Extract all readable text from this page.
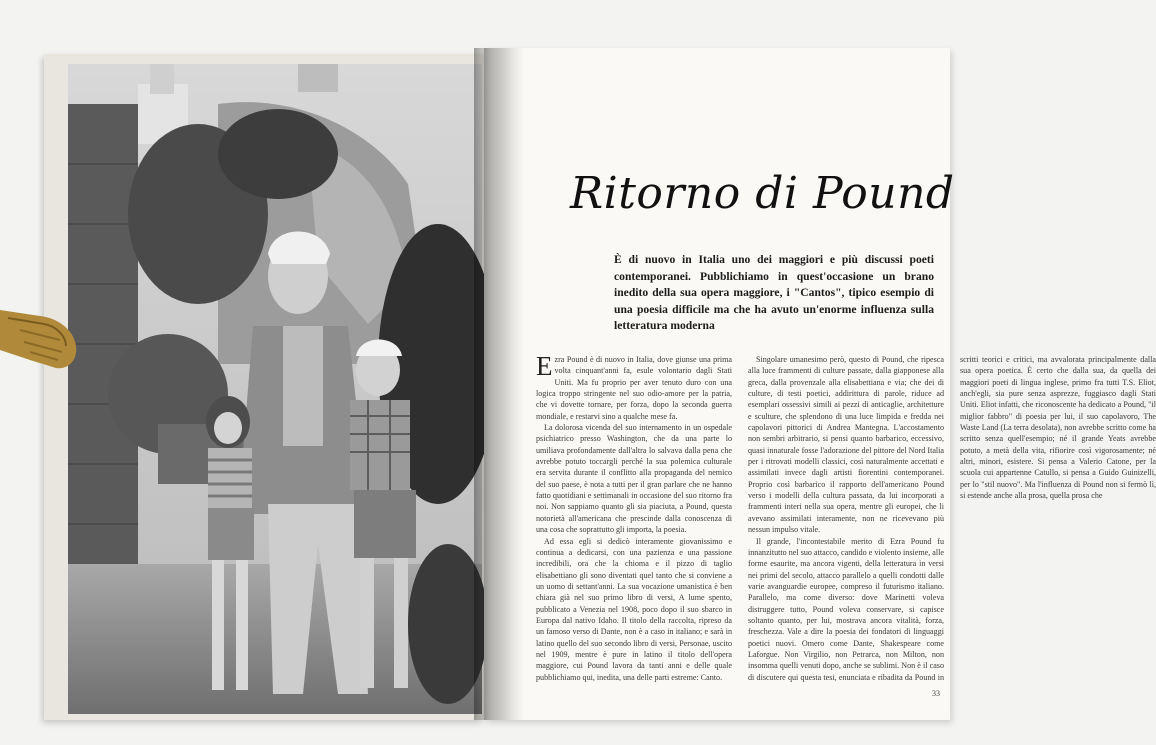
Ritorno di Pound

È di nuovo in Italia uno dei maggiori e più discussi poeti contemporanei. Pubblichiamo in quest'occasione un brano inedito della sua opera maggiore, i "Cantos", tipico esempio di una poesia difficile ma che ha avuto un'enorme influenza sulla letteratura moderna

Ezra Pound è di nuovo in Italia, dove giunse una prima volta cinquant'anni fa, esule volontario dagli Stati Uniti. Ma fu proprio per aver tenuto duro con una logica troppo stringente nel suo odio-amore per la patria, che vi dovette tornare, per forza, dopo la seconda guerra mondiale, e restarvi sino a qualche mese fa.

La dolorosa vicenda del suo internamento in un ospedale psichiatrico presso Washington, che da una parte lo umiliava profondamente dall'altra lo salvava dalla pena che avrebbe potuto toccargli perché la sua polemica culturale era servita durante il conflitto alla propaganda del nemico del suo paese, è nota a tutti per il gran parlare che ne hanno fatto quotidiani e settimanali in occasione del suo ritorno fra noi. Non sappiamo quanto gli sia piaciuta, a Pound, questa notorietà all'americana che prescinde dalla conoscenza di una cosa che soprattutto gli importa, la poesia.

Ad essa egli si dedicò interamente giovanissimo e continua a dedicarsi, con una pazienza e una passione incredibili, ora che la chioma e il pizzo di taglio elisabettiano gli sono diventati quel tanto che si conviene a un uomo di settant'anni. La sua vocazione umanistica è ben chiara già nel suo primo libro di versi, A lume spento, pubblicato a Venezia nel 1908, poco dopo il suo sbarco in Europa dal nativo Idaho. Il titolo della raccolta, ripreso da un famoso verso di Dante, non è a caso in italiano; e sarà in latino quello del suo secondo libro di versi, Personae, uscito nel 1909, mentre è pure in latino il titolo dell'opera maggiore, cui Pound lavora da tanti anni e delle quale pubblichiamo qui, inedita, una delle parti estreme: Canto.

Singolare umanesimo però, questo di Pound, che ripesca alla luce frammenti di culture passate, dalla giapponese alla greca, dalla provenzale alla elisabettiana e via; che dei di culture, di testi poetici, addirittura di parole, riduce ad esemplari ossessivi simili ai pezzi di anticaglie, architetture e sculture, che splendono di una luce limpida e fredda nei capolavori pittorici di Andrea Mantegna. L'accostamento non sembri arbitrario, si pensi quanto barbarico, eccessivo, quasi innaturale fosse l'adorazione del pittore del Nord Italia per i ritrovati modelli classici, così naturalmente accettati e assimilati invece dagli artisti fiorentini contemporanei. Proprio così barbarico il rapporto dell'americano Pound verso i modelli della cultura passata, da lui incorporati a frammenti interi nella sua opera, mentre gli europei, che li avevano assimilati interamente, non ne ricevevano più nessun impulso vitale.

Il grande, l'incontestabile merito di Ezra Pound fu innanzitutto nel suo attacco, candido e violento insieme, alle forme esaurite, ma ancora vigenti, della letteratura in versi nei primi del secolo, attacco parallelo a quelli condotti dalle varie avanguardie europee, compreso il futurismo italiano. Parallelo, ma come diverso: dove Marinetti voleva distruggere tutto, Pound voleva conservare, si capisce soltanto quanto, per lui, mostrava ancora vitalità, forza, freschezza. Vale a dire la poesia dei fondatori di linguaggi poetici nuovi. Omero come Dante, Shakespeare come Laforgue. Non Virgilio, non Petrarca, non Milton, non insomma quelli venuti dopo, anche se sublimi. Non è il caso di discutere qui questa tesi, enunciata e ribadita da Pound in scritti teorici e critici, ma avvalorata principalmente dalla sua opera poetica. È certo che dalla sua, da quella dei maggiori poeti di lingua inglese, primo fra tutti T.S. Eliot, anch'egli, sia pure senza asprezze, fuggiasco dagli Stati Uniti. Eliot infatti, che riconoscente ha dedicato a Pound, "il miglior fabbro" di poesia per lui, il suo capolavoro, The Waste Land (La terra desolata), non avrebbe scritto come ha scritto senza quell'esempio; né il grande Yeats avrebbe potuto, a metà della vita, rifiorire così vigorosamente; né altri, minori, esistere. Si pensa a Valerio Catone, per la scuola cui appartenne Catullo, si pensa a Guido Guinizelli, per lo "stil nuovo". Ma l'influenza di Pound non si fermò lì, si estende anche alla prosa, quella prosa che

33
